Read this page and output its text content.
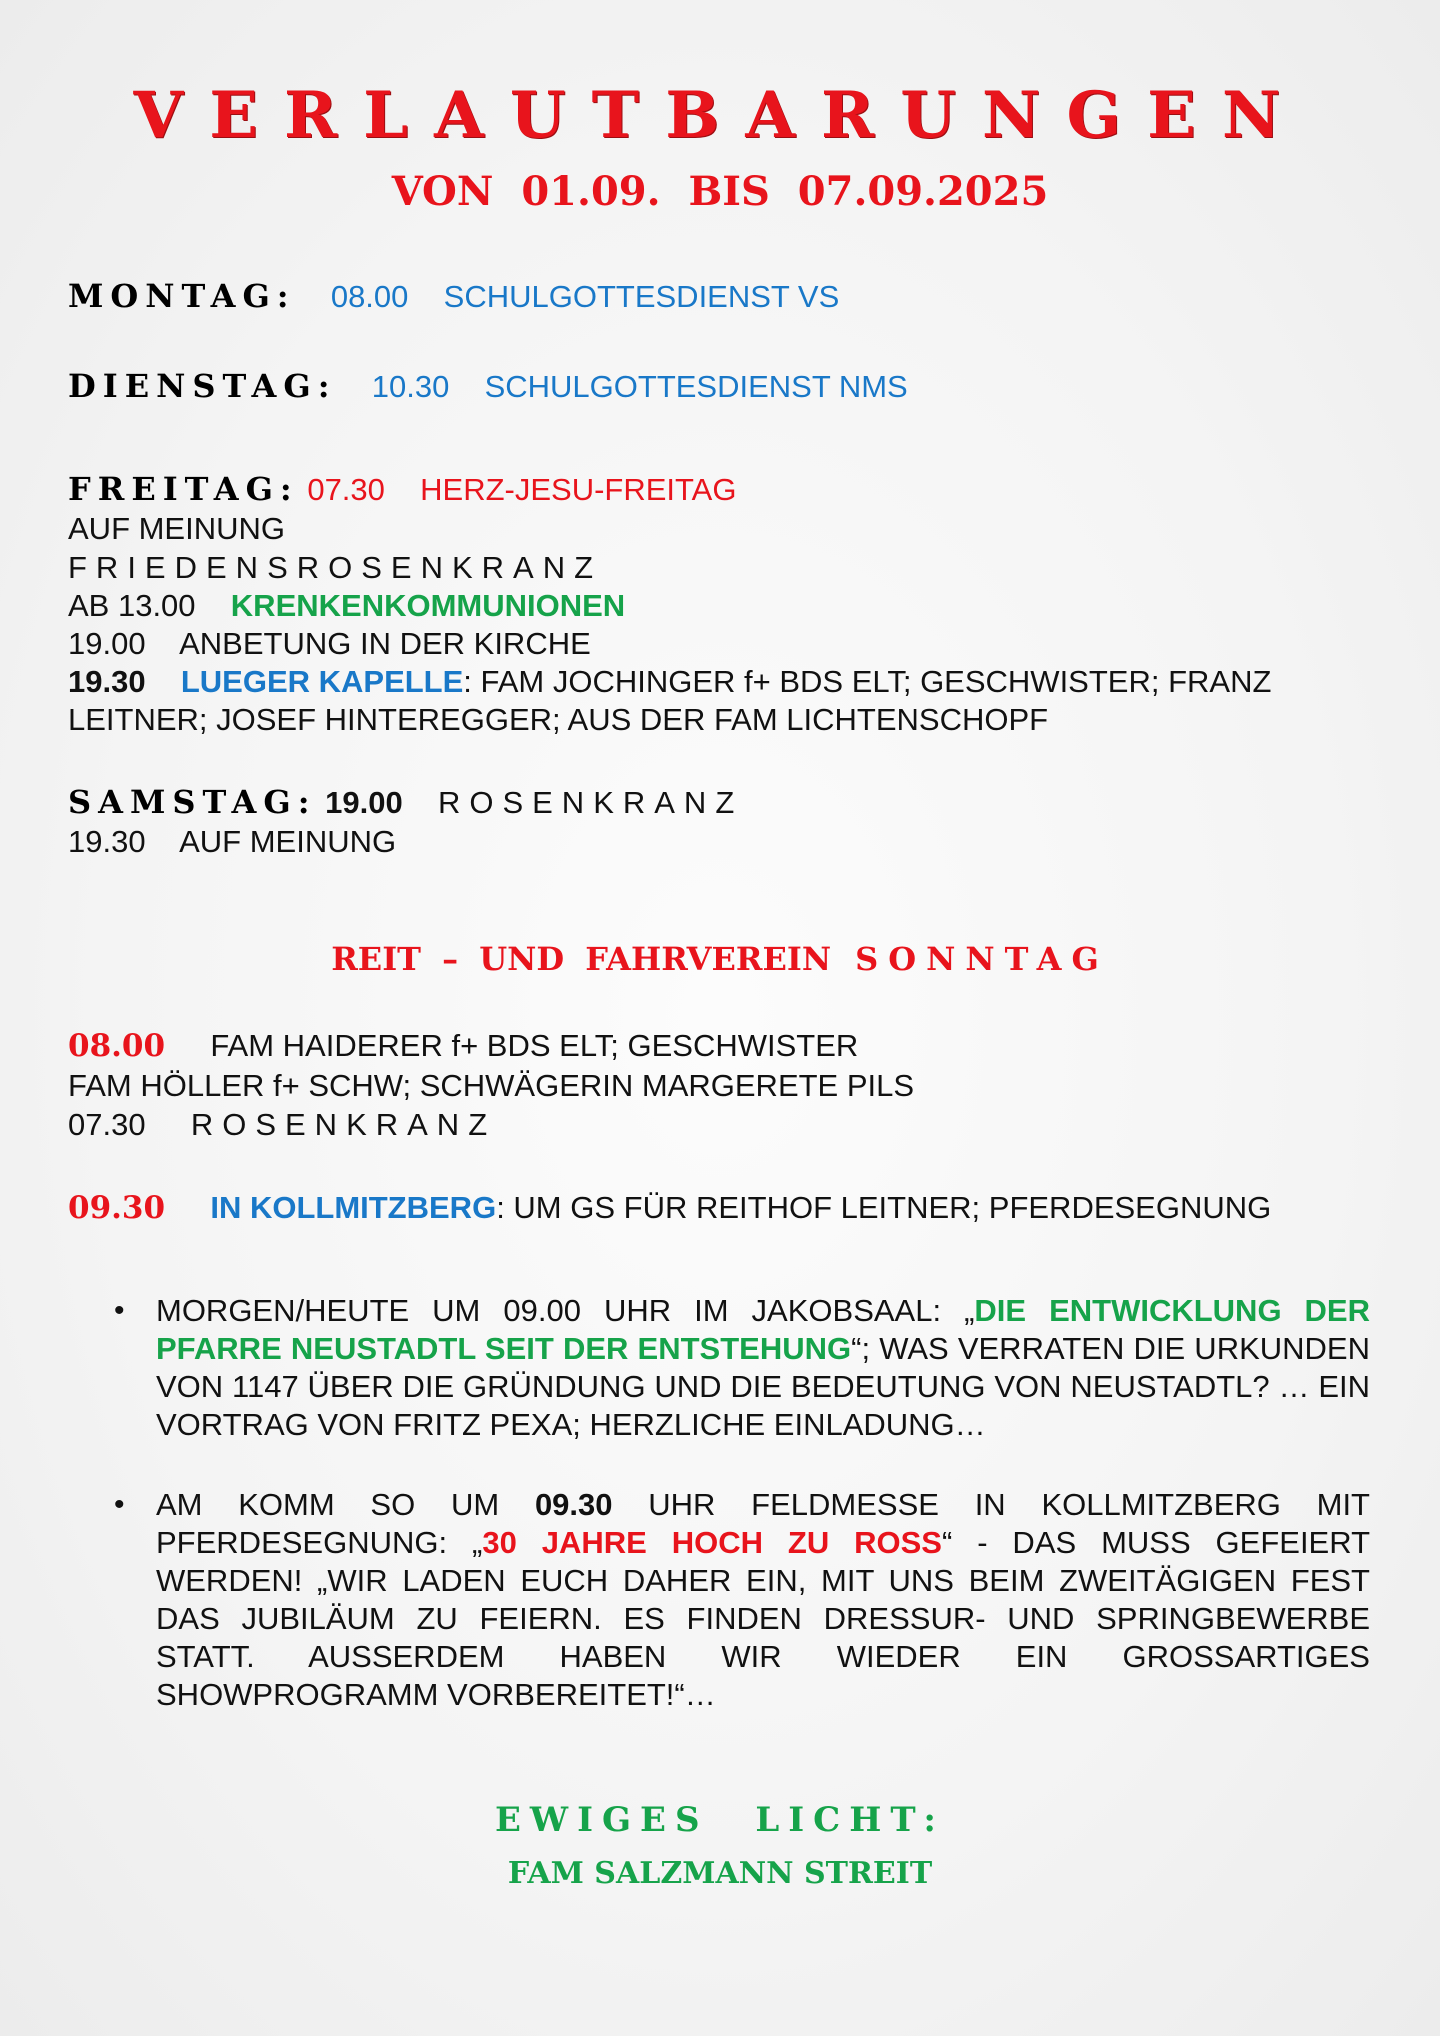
VERLAUTBARUNGEN
VON 01.09. BIS 07.09.2025
MONTAG: 08.00 SCHULGOTTESDIENST VS
DIENSTAG: 10.30 SCHULGOTTESDIENST NMS
FREITAG: 07.30 HERZ-JESU-FREITAG
AUF MEINUNG
FRIEDENSROSENKRANZ
AB 13.00 KRENKENKOMMUNIONEN
19.00 ANBETUNG IN DER KIRCHE
19.30 LUEGER KAPELLE: FAM JOCHINGER f+ BDS ELT; GESCHWISTER; FRANZ
LEITNER; JOSEF HINTEREGGER; AUS DER FAM LICHTENSCHOPF
SAMSTAG: 19.00 ROSENKRANZ
19.30 AUF MEINUNG
REIT – UND FAHRVEREIN SONNTAG
08.00 FAM HAIDERER f+ BDS ELT; GESCHWISTER
FAM HÖLLER f+ SCHW; SCHWÄGERIN MARGERETE PILS
07.30 ROSENKRANZ
09.30 IN KOLLMITZBERG: UM GS FÜR REITHOF LEITNER; PFERDESEGNUNG
• MORGEN/HEUTE UM 09.00 UHR IM JAKOBSAAL: „DIE ENTWICKLUNG DER PFARRE NEUSTADTL SEIT DER ENTSTEHUNG“; WAS VERRATEN DIE URKUNDEN VON 1147 ÜBER DIE GRÜNDUNG UND DIE BEDEUTUNG VON NEUSTADTL? … EIN VORTRAG VON FRITZ PEXA; HERZLICHE EINLADUNG…
• AM KOMM SO UM 09.30 UHR FELDMESSE IN KOLLMITZBERG MIT PFERDESEGNUNG: „30 JAHRE HOCH ZU ROSS“ - DAS MUSS GEFEIERT WERDEN! „WIR LADEN EUCH DAHER EIN, MIT UNS BEIM ZWEITÄGIGEN FEST DAS JUBILÄUM ZU FEIERN. ES FINDEN DRESSUR- UND SPRINGBEWERBE STATT. AUSSERDEM HABEN WIR WIEDER EIN GROSSARTIGES SHOWPROGRAMM VORBEREITET!“…
EWIGES LICHT:
FAM SALZMANN STREIT
